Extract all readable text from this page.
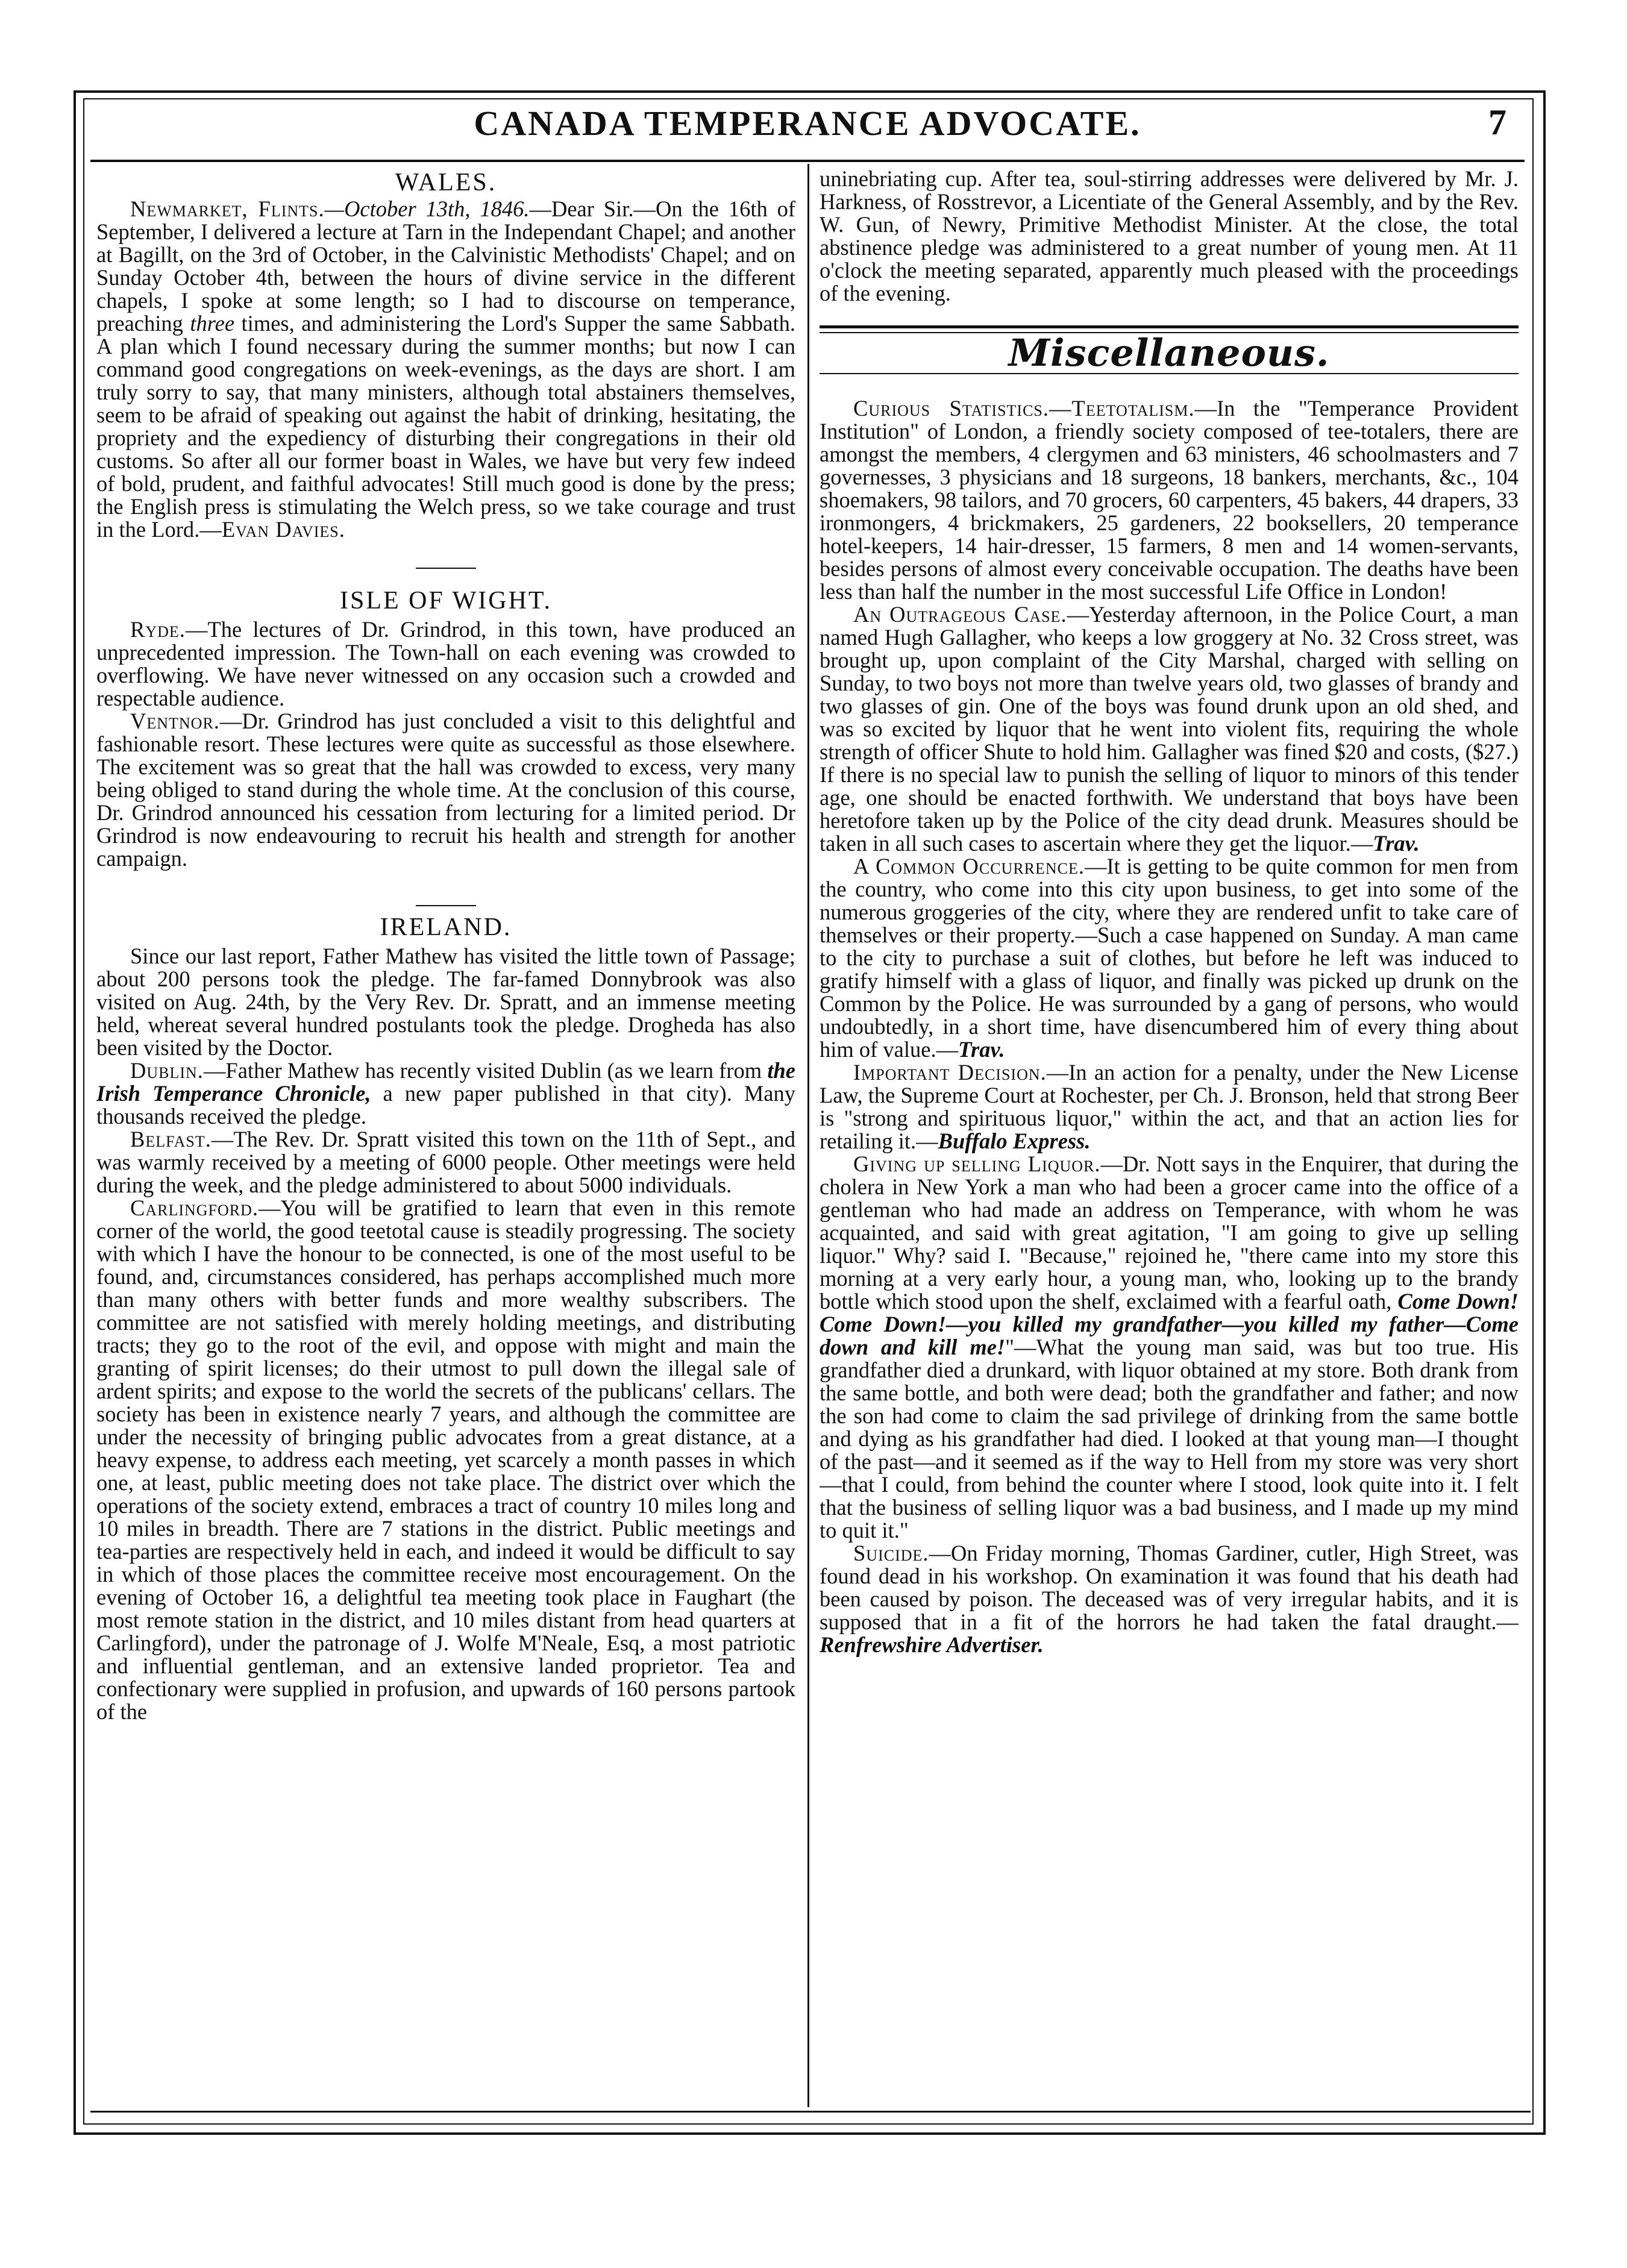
CANADA TEMPERANCE ADVOCATE.	7

WALES.

Newmarket, Flints.—October 13th, 1846.—Dear Sir.—On the 16th of September, I delivered a lecture at Tarn in the Independant Chapel; and another at Bagillt, on the 3rd of October, in the Calvinistic Methodists' Chapel; and on Sunday October 4th, between the hours of divine service in the different chapels, I spoke at some length; so I had to discourse on temperance, preaching three times, and administering the Lord's Supper the same Sabbath. A plan which I found necessary during the summer months; but now I can command good congregations on week-evenings, as the days are short. I am truly sorry to say, that many ministers, although total abstainers themselves, seem to be afraid of speaking out against the habit of drinking, hesitating, the propriety and the expediency of disturbing their congregations in their old customs. So after all our former boast in Wales, we have but very few indeed of bold, prudent, and faithful advocates! Still much good is done by the press; the English press is stimulating the Welch press, so we take courage and trust in the Lord.—Evan Davies.

ISLE OF WIGHT.

Ryde.—The lectures of Dr. Grindrod, in this town, have produced an unprecedented impression. The Town-hall on each evening was crowded to overflowing. We have never witnessed on any occasion such a crowded and respectable audience.

Ventnor.—Dr. Grindrod has just concluded a visit to this delightful and fashionable resort. These lectures were quite as successful as those elsewhere. The excitement was so great that the hall was crowded to excess, very many being obliged to stand during the whole time. At the conclusion of this course, Dr. Grindrod announced his cessation from lecturing for a limited period. Dr Grindrod is now endeavouring to recruit his health and strength for another campaign.

IRELAND.

Since our last report, Father Mathew has visited the little town of Passage; about 200 persons took the pledge. The far-famed Donnybrook was also visited on Aug. 24th, by the Very Rev. Dr. Spratt, and an immense meeting held, whereat several hundred postulants took the pledge. Drogheda has also been visited by the Doctor.

Dublin.—Father Mathew has recently visited Dublin (as we learn from the Irish Temperance Chronicle, a new paper published in that city). Many thousands received the pledge.

Belfast.—The Rev. Dr. Spratt visited this town on the 11th of Sept., and was warmly received by a meeting of 6000 people. Other meetings were held during the week, and the pledge administered to about 5000 individuals.

Carlingford.—You will be gratified to learn that even in this remote corner of the world, the good teetotal cause is steadily progressing. The society with which I have the honour to be connected, is one of the most useful to be found, and, circumstances considered, has perhaps accomplished much more than many others with better funds and more wealthy subscribers. The committee are not satisfied with merely holding meetings, and distributing tracts; they go to the root of the evil, and oppose with might and main the granting of spirit licenses; do their utmost to pull down the illegal sale of ardent spirits; and expose to the world the secrets of the publicans' cellars. The society has been in existence nearly 7 years, and although the committee are under the necessity of bringing public advocates from a great distance, at a heavy expense, to address each meeting, yet scarcely a month passes in which one, at least, public meeting does not take place. The district over which the operations of the society extend, embraces a tract of country 10 miles long and 10 miles in breadth. There are 7 stations in the district. Public meetings and tea-parties are respectively held in each, and indeed it would be difficult to say in which of those places the committee receive most encouragement. On the evening of October 16, a delightful tea meeting took place in Faughart (the most remote station in the district, and 10 miles distant from head quarters at Carlingford), under the patronage of J. Wolfe M'Neale, Esq, a most patriotic and influential gentleman, and an extensive landed proprietor. Tea and confectionary were supplied in profusion, and upwards of 160 persons partook of the

uninebriating cup. After tea, soul-stirring addresses were delivered by Mr. J. Harkness, of Rosstrevor, a Licentiate of the General Assembly, and by the Rev. W. Gun, of Newry, Primitive Methodist Minister. At the close, the total abstinence pledge was administered to a great number of young men. At 11 o'clock the meeting separated, apparently much pleased with the proceedings of the evening.

Miscellaneous.

Curious Statistics.—Teetotalism.—In the "Temperance Provident Institution" of London, a friendly society composed of tee-totalers, there are amongst the members, 4 clergymen and 63 ministers, 46 schoolmasters and 7 governesses, 3 physicians and 18 surgeons, 18 bankers, merchants, &c., 104 shoemakers, 98 tailors, and 70 grocers, 60 carpenters, 45 bakers, 44 drapers, 33 ironmongers, 4 brickmakers, 25 gardeners, 22 booksellers, 20 temperance hotel-keepers, 14 hair-dresser, 15 farmers, 8 men and 14 women-servants, besides persons of almost every conceivable occupation. The deaths have been less than half the number in the most successful Life Office in London!

An Outrageous Case.—Yesterday afternoon, in the Police Court, a man named Hugh Gallagher, who keeps a low groggery at No. 32 Cross street, was brought up, upon complaint of the City Marshal, charged with selling on Sunday, to two boys not more than twelve years old, two glasses of brandy and two glasses of gin. One of the boys was found drunk upon an old shed, and was so excited by liquor that he went into violent fits, requiring the whole strength of officer Shute to hold him. Gallagher was fined $20 and costs, ($27.) If there is no special law to punish the selling of liquor to minors of this tender age, one should be enacted forthwith. We understand that boys have been heretofore taken up by the Police of the city dead drunk. Measures should be taken in all such cases to ascertain where they get the liquor.—Trav.

A Common Occurrence.—It is getting to be quite common for men from the country, who come into this city upon business, to get into some of the numerous groggeries of the city, where they are rendered unfit to take care of themselves or their property.—Such a case happened on Sunday. A man came to the city to purchase a suit of clothes, but before he left was induced to gratify himself with a glass of liquor, and finally was picked up drunk on the Common by the Police. He was surrounded by a gang of persons, who would undoubtedly, in a short time, have disencumbered him of every thing about him of value.—Trav.

Important Decision.—In an action for a penalty, under the New License Law, the Supreme Court at Rochester, per Ch. J. Bronson, held that strong Beer is "strong and spirituous liquor," within the act, and that an action lies for retailing it.—Buffalo Express.

Giving up selling Liquor.—Dr. Nott says in the Enquirer, that during the cholera in New York a man who had been a grocer came into the office of a gentleman who had made an address on Temperance, with whom he was acquainted, and said with great agitation, "I am going to give up selling liquor." Why? said I. "Because," rejoined he, "there came into my store this morning at a very early hour, a young man, who, looking up to the brandy bottle which stood upon the shelf, exclaimed with a fearful oath, Come Down! Come Down!—you killed my grandfather—you killed my father—Come down and kill me!"—What the young man said, was but too true. His grandfather died a drunkard, with liquor obtained at my store. Both drank from the same bottle, and both were dead; both the grandfather and father; and now the son had come to claim the sad privilege of drinking from the same bottle and dying as his grandfather had died. I looked at that young man—I thought of the past—and it seemed as if the way to Hell from my store was very short—that I could, from behind the counter where I stood, look quite into it. I felt that the business of selling liquor was a bad business, and I made up my mind to quit it."

Suicide.—On Friday morning, Thomas Gardiner, cutler, High Street, was found dead in his workshop. On examination it was found that his death had been caused by poison. The deceased was of very irregular habits, and it is supposed that in a fit of the horrors he had taken the fatal draught.—Renfrewshire Advertiser.
